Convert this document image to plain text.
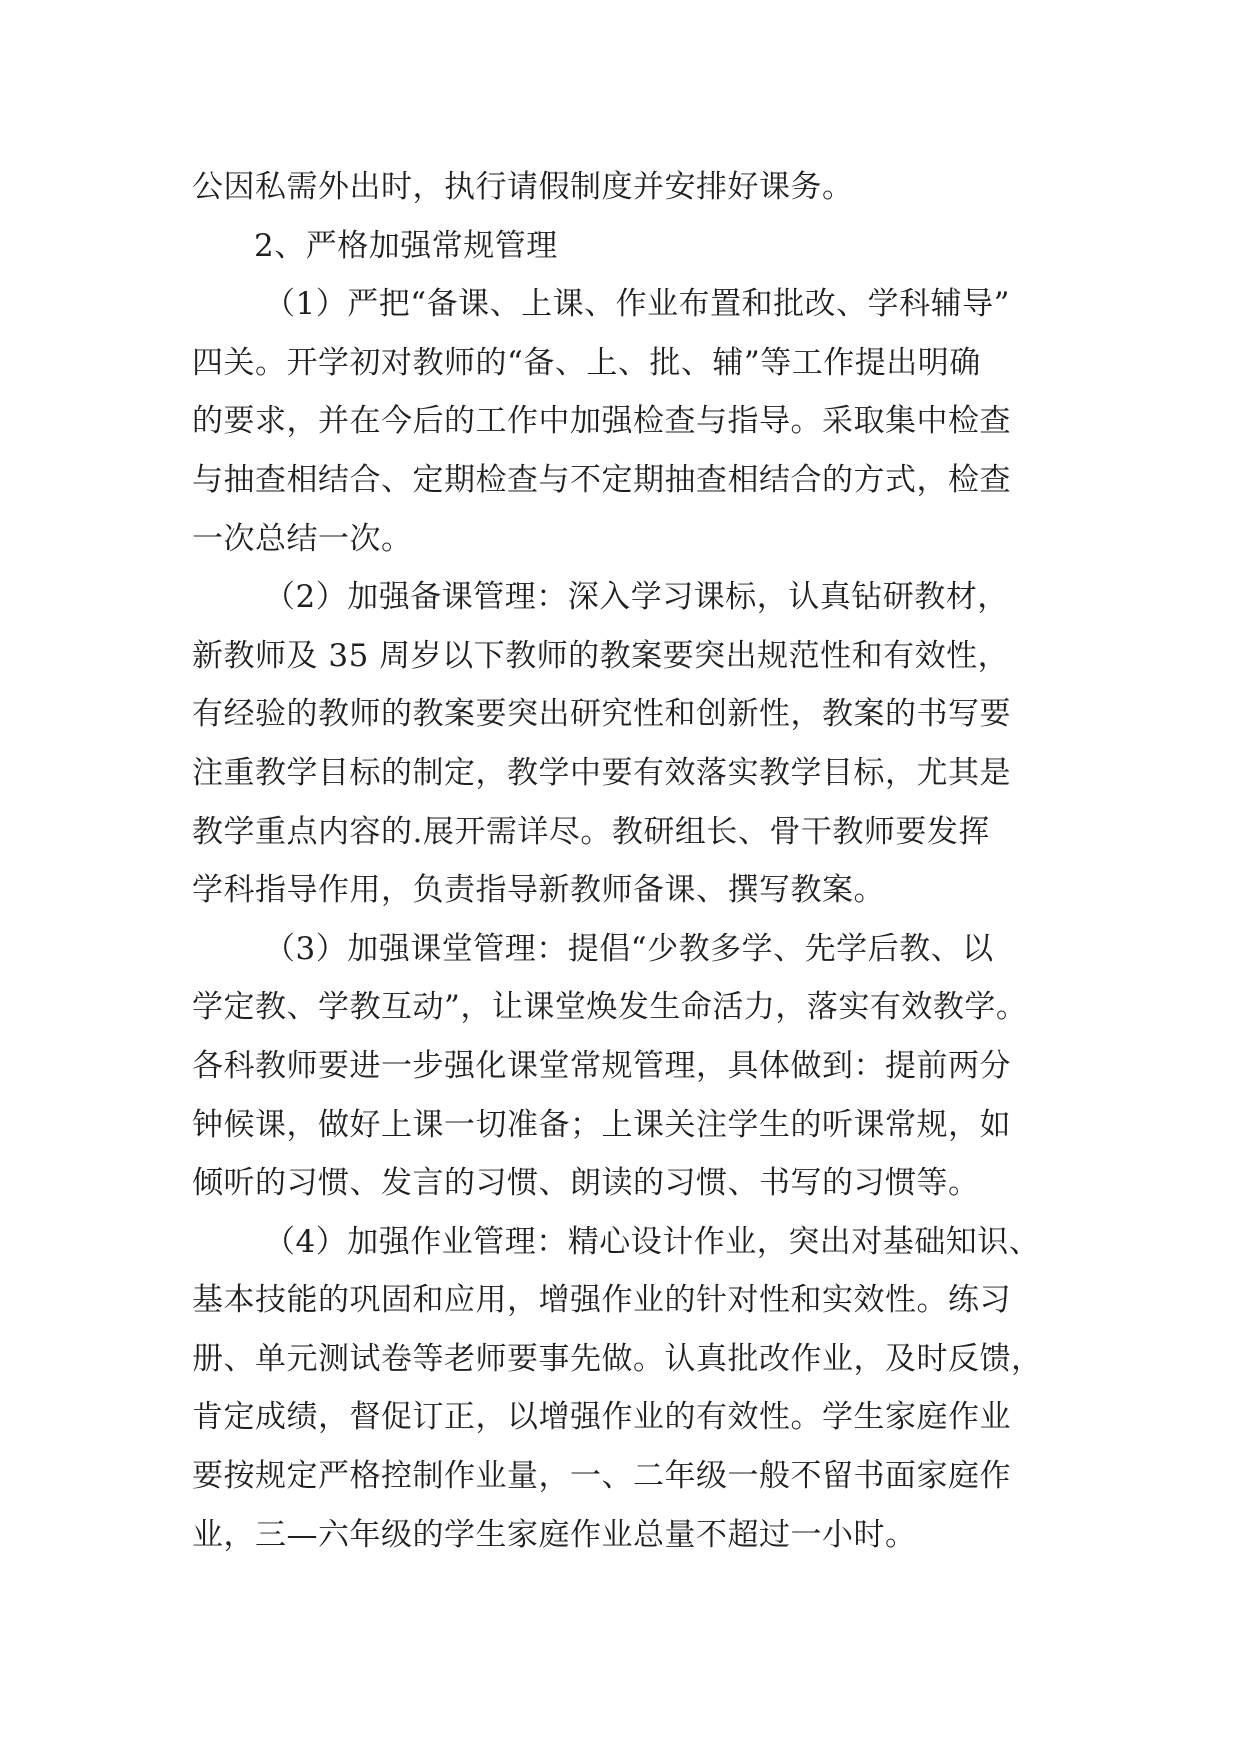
公因私需外出时，执行请假制度并安排好课务。
2、严格加强常规管理
（1）严把“备课、上课、作业布置和批改、学科辅导”
四关。开学初对教师的“备、上、批、辅”等工作提出明确
的要求，并在今后的工作中加强检查与指导。采取集中检查
与抽查相结合、定期检查与不定期抽查相结合的方式，检查
一次总结一次。
（2）加强备课管理：深入学习课标，认真钻研教材，
新教师及 35 周岁以下教师的教案要突出规范性和有效性，
有经验的教师的教案要突出研究性和创新性，教案的书写要
注重教学目标的制定，教学中要有效落实教学目标，尤其是
教学重点内容的.展开需详尽。教研组长、骨干教师要发挥
学科指导作用，负责指导新教师备课、撰写教案。
（3）加强课堂管理：提倡“少教多学、先学后教、以
学定教、学教互动”，让课堂焕发生命活力，落实有效教学。
各科教师要进一步强化课堂常规管理，具体做到：提前两分
钟候课，做好上课一切准备；上课关注学生的听课常规，如
倾听的习惯、发言的习惯、朗读的习惯、书写的习惯等。
（4）加强作业管理：精心设计作业，突出对基础知识、
基本技能的巩固和应用，增强作业的针对性和实效性。练习
册、单元测试卷等老师要事先做。认真批改作业，及时反馈，
肯定成绩，督促订正，以增强作业的有效性。学生家庭作业
要按规定严格控制作业量，一、二年级一般不留书面家庭作
业，三—六年级的学生家庭作业总量不超过一小时。
